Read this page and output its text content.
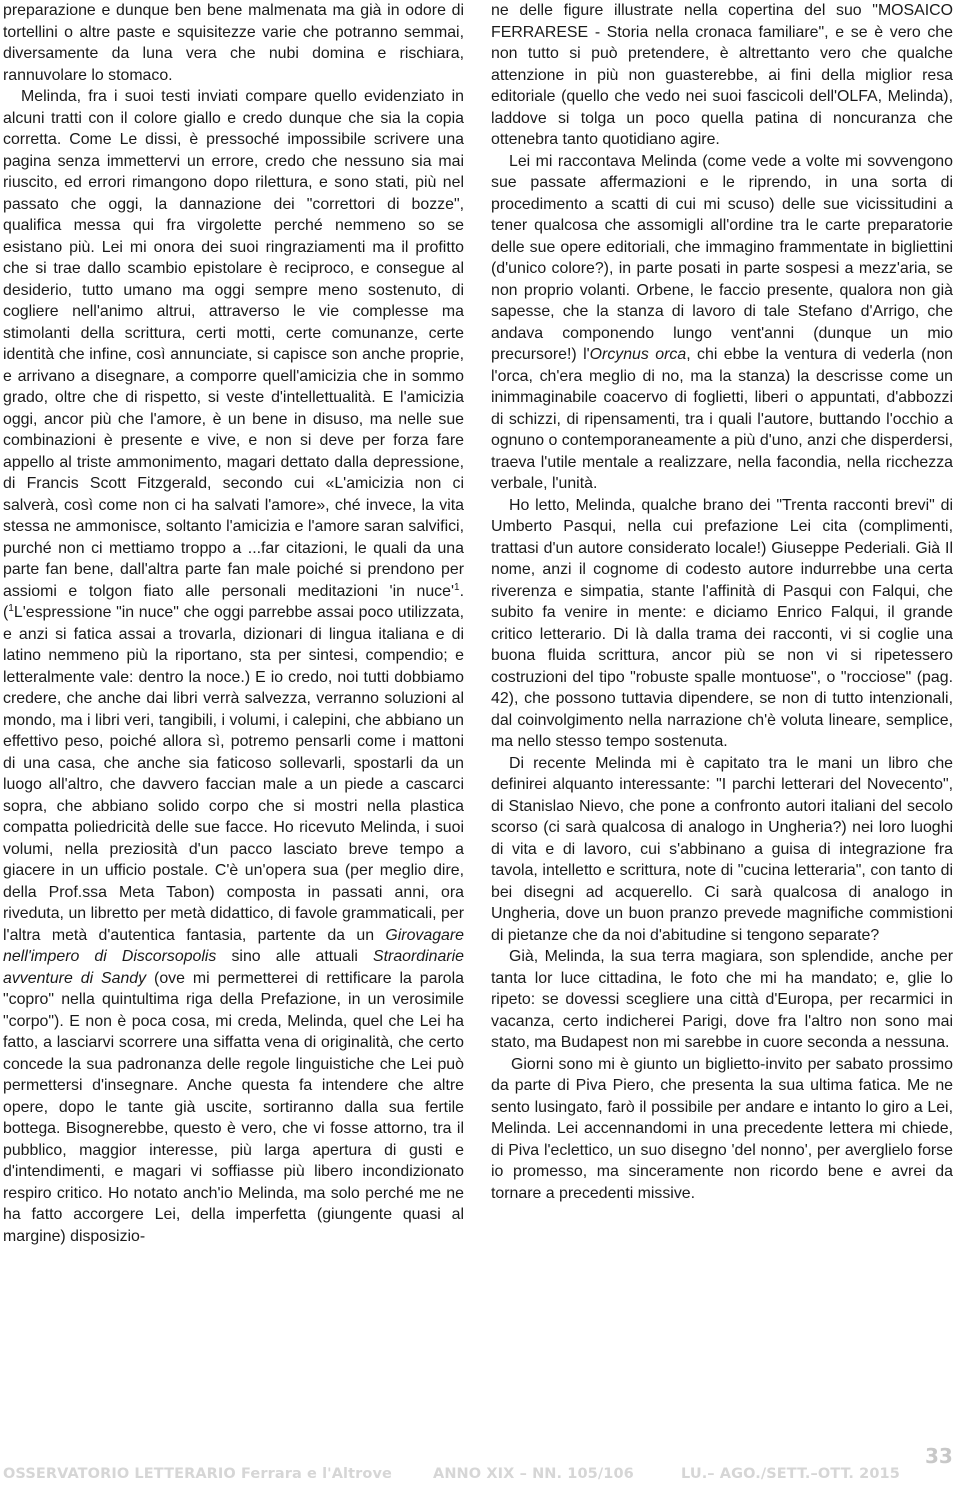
preparazione e dunque ben bene malmenata ma già in odore di tortellini o altre paste e squisitezze varie che potranno semmai, diversamente da luna vera che nubi domina e rischiara, rannuvolare lo stomaco.

Melinda, fra i suoi testi inviati compare quello evidenziato in alcuni tratti con il colore giallo e credo dunque che sia la copia corretta. Come Le dissi, è pressoché impossibile scrivere una pagina senza immettervi un errore, credo che nessuno sia mai riuscito, ed errori rimangono dopo rilettura, e sono stati, più nel passato che oggi, la dannazione dei "correttori di bozze", qualifica messa qui fra virgolette perché nemmeno so se esistano più. Lei mi onora dei suoi ringraziamenti ma il profitto che si trae dallo scambio epistolare è reciproco, e consegue al desiderio, tutto umano ma oggi sempre meno sostenuto, di cogliere nell'animo altrui, attraverso le vie complesse ma stimolanti della scrittura, certi motti, certe comunanze, certe identità che infine, così annunciate, si capisce son anche proprie, e arrivano a disegnare, a comporre quell'amicizia che in sommo grado, oltre che di rispetto, si veste d'intellettualità. E l'amicizia oggi, ancor più che l'amore, è un bene in disuso, ma nelle sue combinazioni è presente e vive, e non si deve per forza fare appello al triste ammonimento, magari dettato dalla depressione, di Francis Scott Fitzgerald, secondo cui «L'amicizia non ci salverà, così come non ci ha salvati l'amore», ché invece, la vita stessa ne ammonisce, soltanto l'amicizia e l'amore saran salvifici, purché non ci mettiamo troppo a ...far citazioni, le quali da una parte fan bene, dall'altra parte fan male poiché si prendono per assiomi e tolgon fiato alle personali meditazioni 'in $nuce'^1$. ($^1$L'espressione "in nuce" che oggi parrebbe assai poco utilizzata, e anzi si fatica assai a trovarla, dizionari di lingua italiana e di latino nemmeno più la riportano, sta per sintesi, compendio; e letteralmente vale: dentro la noce.) E io credo, noi tutti dobbiamo credere, che anche dai libri verrà salvezza, verranno soluzioni al mondo, ma i libri veri, tangibili, i volumi, i calepini, che abbiano un effettivo peso, poiché allora sì, potremo pensarli come i mattoni di una casa, che anche sia faticoso sollevarli, spostarli da un luogo all'altro, che davvero faccian male a un piede a cascarci sopra, che abbiano solido corpo che si mostri nella plastica compatta poliedricità delle sue facce. Ho ricevuto Melinda, i suoi volumi, nella preziosità d'un pacco lasciato breve tempo a giacere in un ufficio postale. C'è un'opera sua (per meglio dire, della Prof.ssa Meta Tabon) composta in passati anni, ora riveduta, un libretto per metà didattico, di favole grammaticali, per l'altra metà d'autentica fantasia, partente da un Girovagare nell'impero di Discorsopolis sino alle attuali Straordinarie avventure di Sandy (ove mi permetterei di rettificare la parola "copro" nella quintultima riga della Prefazione, in un verosimile "corpo"). E non è poca cosa, mi creda, Melinda, quel che Lei ha fatto, a lasciarvi scorrere una siffatta vena di originalità, che certo concede la sua padronanza delle regole linguistiche che Lei può permettersi d'insegnare. Anche questa fa intendere che altre opere, dopo le tante già uscite, sortiranno dalla sua fertile bottega. Bisognerebbe, questo è vero, che vi fosse attorno, tra il pubblico, maggior interesse, più larga apertura di gusti e d'intendimenti, e magari vi soffiasse più libero incondizionato respiro critico. Ho notato anch'io Melinda, ma solo perché me ne ha fatto accorgere Lei, della imperfetta (giungente quasi al margine) disposizio-

ne delle figure illustrate nella copertina del suo "MOSAICO FERRARESE - Storia nella cronaca familiare", e se è vero che non tutto si può pretendere, è altrettanto vero che qualche attenzione in più non guasterebbe, ai fini della miglior resa editoriale (quello che vedo nei suoi fascicoli dell'OLFA, Melinda), laddove si tolga un poco quella patina di noncuranza che ottenebra tanto quotidiano agire.

Lei mi raccontava Melinda (come vede a volte mi sovvengono sue passate affermazioni e le riprendo, in una sorta di procedimento a scatti di cui mi scuso) delle sue vicissitudini a tener qualcosa che assomigli all'ordine tra le carte preparatorie delle sue opere editoriali, che immagino frammentate in bigliettini (d'unico colore?), in parte posati in parte sospesi a mezz'aria, se non proprio volanti. Orbene, le faccio presente, qualora non già sapesse, che la stanza di lavoro di tale Stefano d'Arrigo, che andava componendo lungo vent'anni (dunque un mio precursore!) l'Orcynus orca, chi ebbe la ventura di vederla (non l'orca, ch'era meglio di no, ma la stanza) la descrisse come un inimmaginabile coacervo di foglietti, liberi o appuntati, d'abbozzi di schizzi, di ripensamenti, tra i quali l'autore, buttando l'occhio a ognuno o contemporaneamente a più d'uno, anzi che disperdersi, traeva l'utile mentale a realizzare, nella facondia, nella ricchezza verbale, l'unità.

Ho letto, Melinda, qualche brano dei "Trenta racconti brevi" di Umberto Pasqui, nella cui prefazione Lei cita (complimenti, trattasi d'un autore considerato locale!) Giuseppe Pederiali. Già Il nome, anzi il cognome di codesto autore indurrebbe una certa riverenza e simpatia, stante l'affinità di Pasqui con Falqui, che subito fa venire in mente: e diciamo Enrico Falqui, il grande critico letterario. Di là dalla trama dei racconti, vi si coglie una buona fluida scrittura, ancor più se non vi si ripetessero costruzioni del tipo "robuste spalle montuose", o "rocciose" (pag. 42), che possono tuttavia dipendere, se non di tutto intenzionali, dal coinvolgimento nella narrazione ch'è voluta lineare, semplice, ma nello stesso tempo sostenuta.

Di recente Melinda mi è capitato tra le mani un libro che definirei alquanto interessante: "I parchi letterari del Novecento", di Stanislao Nievo, che pone a confronto autori italiani del secolo scorso (ci sarà qualcosa di analogo in Ungheria?) nei loro luoghi di vita e di lavoro, cui s'abbinano a guisa di integrazione fra tavola, intelletto e scrittura, note di "cucina letteraria", con tanto di bei disegni ad acquerello. Ci sarà qualcosa di analogo in Ungheria, dove un buon pranzo prevede magnifiche commistioni di pietanze che da noi d'abitudine si tengono separate?

Già, Melinda, la sua terra magiara, son splendide, anche per tanta lor luce cittadina, le foto che mi ha mandato; e, glie lo ripeto: se dovessi scegliere una città d'Europa, per recarmici in vacanza, certo indicherei Parigi, dove fra l'altro non sono mai stato, ma Budapest non mi sarebbe in cuore seconda a nessuna.

Giorni sono mi è giunto un biglietto-invito per sabato prossimo da parte di Piva Piero, che presenta la sua ultima fatica. Me ne sento lusingato, farò il possibile per andare e intanto lo giro a Lei, Melinda. Lei accennandomi in una precedente lettera mi chiede, di Piva l'eclettico, un suo disegno 'del nonno', per averglielo forse io promesso, ma sinceramente non ricordo bene e avrei da tornare a precedenti missive.

33
OSSERVATORIO LETTERARIO Ferrara e l'Altrove	ANNO XIX – NN. 105/106	LU.– AGO./SETT.–OTT. 2015
